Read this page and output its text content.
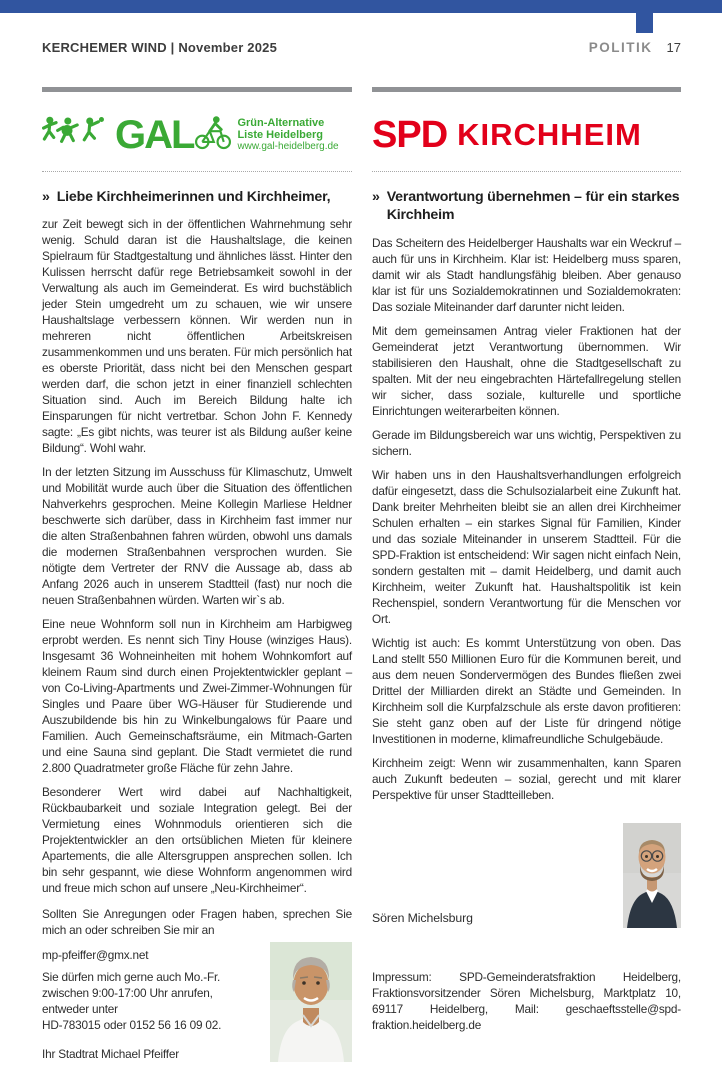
KERCHEMER WIND | November 2025	POLITIK 17
GAL	Grün-Alternative
Liste Heidelberg
www.gal-heidelberg.de
» Liebe Kirchheimerinnen und Kirchheimer,

zur Zeit bewegt sich in der öffentlichen Wahrnehmung sehr wenig. Schuld daran ist die Haushaltslage, die keinen Spielraum für Stadtgestaltung und ähnliches lässt. Hinter den Kulissen herrscht dafür rege Betriebsamkeit sowohl in der Verwaltung als auch im Gemeinderat. Es wird buchstäblich jeder Stein umgedreht um zu schauen, wie wir unsere Haushaltslage verbessern können. Wir werden nun in mehreren nicht öffentlichen Arbeitskreisen zusammenkommen und uns beraten. Für mich persönlich hat es oberste Priorität, dass nicht bei den Menschen gespart werden darf, die schon jetzt in einer finanziell schlechten Situation sind. Auch im Bereich Bildung halte ich Einsparungen für nicht vertretbar. Schon John F. Kennedy sagte: „Es gibt nichts, was teurer ist als Bildung außer keine Bildung“. Wohl wahr.

In der letzten Sitzung im Ausschuss für Klimaschutz, Umwelt und Mobilität wurde auch über die Situation des öffentlichen Nahverkehrs gesprochen. Meine Kollegin Marliese Heldner beschwerte sich darüber, dass in Kirchheim fast immer nur die alten Straßenbahnen fahren würden, obwohl uns damals die modernen Straßenbahnen versprochen wurden. Sie nötigte dem Vertreter der RNV die Aussage ab, dass ab Anfang 2026 auch in unserem Stadtteil (fast) nur noch die neuen Straßenbahnen würden. Warten wir`s ab.

Eine neue Wohnform soll nun in Kirchheim am Harbigweg erprobt werden. Es nennt sich Tiny House (winziges Haus). Insgesamt 36 Wohneinheiten mit hohem Wohnkomfort auf kleinem Raum sind durch einen Projektentwickler geplant – von Co-Living-Apartments und Zwei-Zimmer-Wohnungen für Singles und Paare über WG-Häuser für Studierende und Auszubildende bis hin zu Winkelbungalows für Paare und Familien. Auch Gemeinschaftsräume, ein Mitmach-Garten und eine Sauna sind geplant. Die Stadt vermietet die rund 2.800 Quadratmeter große Fläche für zehn Jahre.

Besonderer Wert wird dabei auf Nachhaltigkeit, Rückbaubarkeit und soziale Integration gelegt. Bei der Vermietung eines Wohnmoduls orientieren sich die Projektentwickler an den ortsüblichen Mieten für kleinere Apartements, die alle Altersgruppen ansprechen sollen. Ich bin sehr gespannt, wie diese Wohnform angenommen wird und freue mich schon auf unsere „Neu-Kirchheimer“.

Sollten Sie Anregungen oder Fragen haben, sprechen Sie mich an oder schreiben Sie mir an
mp-pfeiffer@gmx.net
Sie dürfen mich gerne auch Mo.-Fr. zwischen 9:00-17:00 Uhr anrufen, entweder unter
HD-783015 oder 0152 56 16 09 02.
Ihr Stadtrat Michael Pfeiffer
SPD KIRCHHEIM
» Verantwortung übernehmen – für ein starkes Kirchheim

Das Scheitern des Heidelberger Haushalts war ein Weckruf – auch für uns in Kirchheim. Klar ist: Heidelberg muss sparen, damit wir als Stadt handlungsfähig bleiben. Aber genauso klar ist für uns Sozialdemokratinnen und Sozialdemokraten: Das soziale Miteinander darf darunter nicht leiden.

Mit dem gemeinsamen Antrag vieler Fraktionen hat der Gemeinderat jetzt Verantwortung übernommen. Wir stabilisieren den Haushalt, ohne die Stadtgesellschaft zu spalten. Mit der neu eingebrachten Härtefallregelung stellen wir sicher, dass soziale, kulturelle und sportliche Einrichtungen weiterarbeiten können.

Gerade im Bildungsbereich war uns wichtig, Perspektiven zu sichern.

Wir haben uns in den Haushaltsverhandlungen erfolgreich dafür eingesetzt, dass die Schulsozialarbeit eine Zukunft hat. Dank breiter Mehrheiten bleibt sie an allen drei Kirchheimer Schulen erhalten – ein starkes Signal für Familien, Kinder und das soziale Miteinander in unserem Stadtteil. Für die SPD-Fraktion ist entscheidend: Wir sagen nicht einfach Nein, sondern gestalten mit – damit Heidelberg, und damit auch Kirchheim, weiter Zukunft hat. Haushaltspolitik ist kein Rechenspiel, sondern Verantwortung für die Menschen vor Ort.

Wichtig ist auch: Es kommt Unterstützung von oben. Das Land stellt 550 Millionen Euro für die Kommunen bereit, und aus dem neuen Sondervermögen des Bundes fließen zwei Drittel der Milliarden direkt an Städte und Gemeinden. In Kirchheim soll die Kurpfalzschule als erste davon profitieren: Sie steht ganz oben auf der Liste für dringend nötige Investitionen in moderne, klimafreundliche Schulgebäude.

Kirchheim zeigt: Wenn wir zusammenhalten, kann Sparen auch Zukunft bedeuten – sozial, gerecht und mit klarer Perspektive für unser Stadtteilleben.

Sören Michelsburg
Impressum: SPD-Gemeinderatsfraktion Heidelberg, Fraktionsvorsitzender Sören Michelsburg, Marktplatz 10, 69117 Heidelberg, Mail: geschaeftsstelle@spd-fraktion.heidelberg.de
